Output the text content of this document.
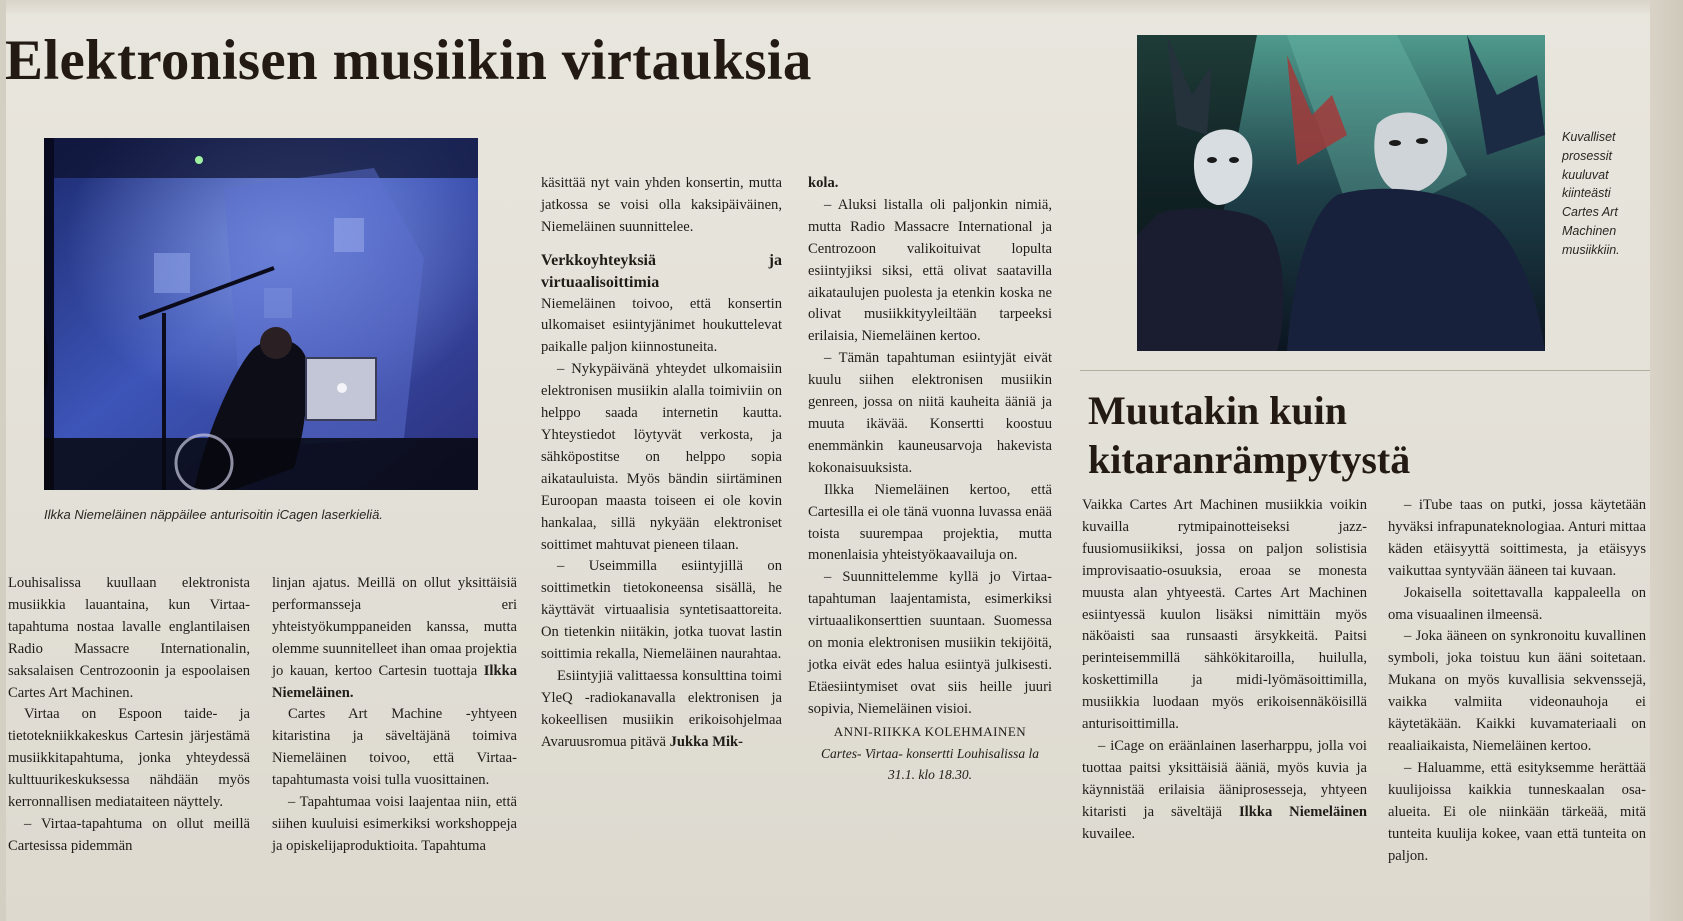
Elektronisen musiikin virtauksia
Ilkka Niemeläinen näppäilee anturisoitin iCagen laserkieliä.
Kuvalliset
prosessit
kuuluvat
kiinteästi
Cartes Art
Machinen
musiikkiin.

Louhisalissa kuullaan elektronista musiikkia lauantaina, kun Virtaa-tapahtuma nostaa lavalle englantilaisen Radio Massacre Internationalin, saksalaisen Centrozoonin ja espoolaisen Cartes Art Machinen.

Virtaa on Espoon taide- ja tietotekniikkakeskus Cartesin järjestämä musiikkitapahtuma, jonka yhteydessä kulttuurikeskuksessa nähdään myös kerronnallisen mediataiteen näyttely.

– Virtaa-tapahtuma on ollut meillä Cartesissa pidemmän

linjan ajatus. Meillä on ollut yksittäisiä performansseja eri yhteistyökumppaneiden kanssa, mutta olemme suunnitelleet ihan omaa projektia jo kauan, kertoo Cartesin tuottaja Ilkka Niemeläinen.

Cartes Art Machine -yhtyeen kitaristina ja säveltäjänä toimiva Niemeläinen toivoo, että Virtaa-tapahtumasta voisi tulla vuosittainen.

– Tapahtumaa voisi laajentaa niin, että siihen kuuluisi esimerkiksi workshoppeja ja opiskelijaproduktioita. Tapahtuma

käsittää nyt vain yhden konsertin, mutta jatkossa se voisi olla kaksipäiväinen, Niemeläinen suunnittelee.

Verkkoyhteyksiä ja virtuaalisoittimia

Niemeläinen toivoo, että konsertin ulkomaiset esiintyjänimet houkuttelevat paikalle paljon kiinnostuneita.

– Nykypäivänä yhteydet ulkomaisiin elektronisen musiikin alalla toimiviin on helppo saada internetin kautta. Yhteystiedot löytyvät verkosta, ja sähköpostitse on helppo sopia aikatauluista. Myös bändin siirtäminen Euroopan maasta toiseen ei ole kovin hankalaa, sillä nykyään elektroniset soittimet mahtuvat pieneen tilaan.

– Useimmilla esiintyjillä on soittimetkin tietokoneensa sisällä, he käyttävät virtuaalisia syntetisaattoreita. On tietenkin niitäkin, jotka tuovat lastin soittimia rekalla, Niemeläinen naurahtaa.

Esiintyjiä valittaessa konsulttina toimi YleQ -radiokanavalla elektronisen ja kokeellisen musiikin erikoisohjelmaa Avaruusromua pitävä Jukka Mik-

kola.

– Aluksi listalla oli paljonkin nimiä, mutta Radio Massacre International ja Centrozoon valikoituivat lopulta esiintyjiksi siksi, että olivat saatavilla aikataulujen puolesta ja etenkin koska ne olivat musiikkityyleiltään tarpeeksi erilaisia, Niemeläinen kertoo.

– Tämän tapahtuman esiintyjät eivät kuulu siihen elektronisen musiikin genreen, jossa on niitä kauheita ääniä ja muuta ikävää. Konsertti koostuu enemmänkin kauneusarvoja hakevista kokonaisuuksista.

Ilkka Niemeläinen kertoo, että Cartesilla ei ole tänä vuonna luvassa enää toista suurempaa projektia, mutta monenlaisia yhteistyökaavailuja on.

– Suunnittelemme kyllä jo Virtaa-tapahtuman laajentamista, esimerkiksi virtuaalikonserttien suuntaan. Suomessa on monia elektronisen musiikin tekijöitä, jotka eivät edes halua esiintyä julkisesti. Etäesiintymiset ovat siis heille juuri sopivia, Niemeläinen visioi.

ANNI-RIIKKA KOLEHMAINEN

Cartes- Virtaa- konsertti Louhisalissa la 31.1. klo 18.30.

Muutakin kuin
kitaranrämpytystä

Vaikka Cartes Art Machinen musiikkia voikin kuvailla rytmipainotteiseksi jazz-fuusiomusiikiksi, jossa on paljon solistisia improvisaatio-osuuksia, eroaa se monesta muusta alan yhtyeestä. Cartes Art Machinen esiintyessä kuulon lisäksi nimittäin myös näköaisti saa runsaasti ärsykkeitä. Paitsi perinteisemmillä sähkökitaroilla, huilulla, koskettimilla ja midi-lyömäsoittimilla, musiikkia luodaan myös erikoisennäköisillä anturisoittimilla.

– iCage on eräänlainen laserharppu, jolla voi tuottaa paitsi yksittäisiä ääniä, myös kuvia ja käynnistää erilaisia ääniprosesseja, yhtyeen kitaristi ja säveltäjä Ilkka Niemeläinen kuvailee.

– iTube taas on putki, jossa käytetään hyväksi infrapunateknologiaa. Anturi mittaa käden etäisyyttä soittimesta, ja etäisyys vaikuttaa syntyvään ääneen tai kuvaan.

Jokaisella soitettavalla kappaleella on oma visuaalinen ilmeensä.

– Joka ääneen on synkronoitu kuvallinen symboli, joka toistuu kun ääni soitetaan. Mukana on myös kuvallisia sekvenssejä, vaikka valmiita videonauhoja ei käytetäkään. Kaikki kuvamateriaali on reaaliaikaista, Niemeläinen kertoo.

– Haluamme, että esityksemme herättää kuulijoissa kaikkia tunneskaalan osa-alueita. Ei ole niinkään tärkeää, mitä tunteita kuulija kokee, vaan että tunteita on paljon.
